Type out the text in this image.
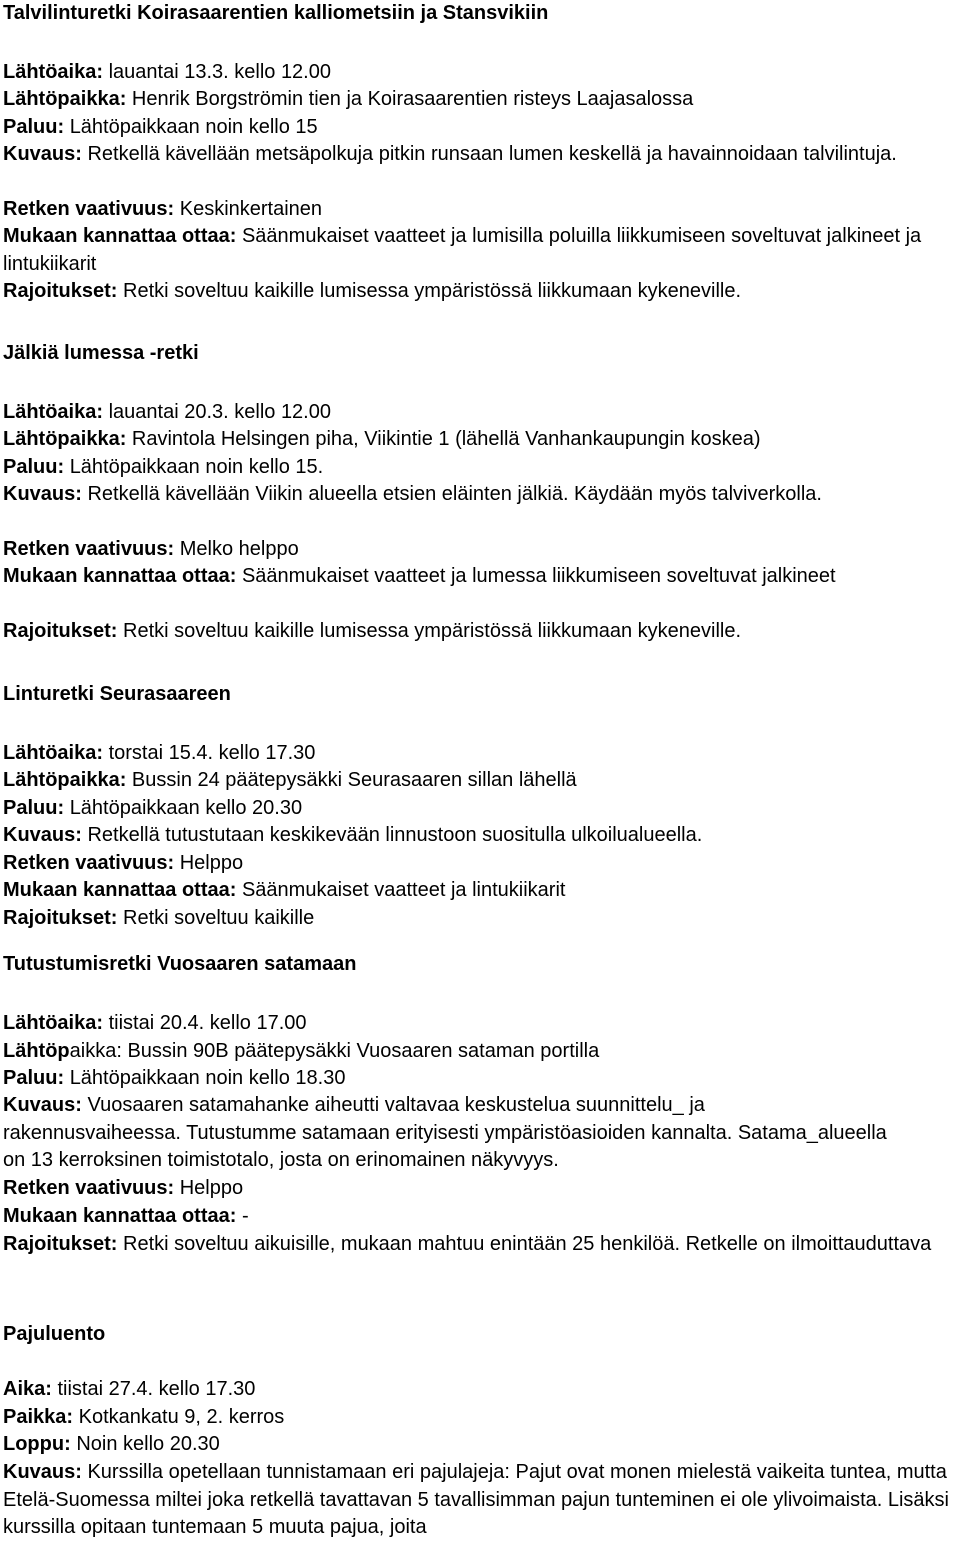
Talvilinturetki Koirasaarentien kalliometsiin ja Stansvikiin
Lähtöaika: lauantai 13.3. kello 12.00
Lähtöpaikka: Henrik Borgströmin tien ja Koirasaarentien risteys Laajasalossa
Paluu: Lähtöpaikkaan noin kello 15
Kuvaus: Retkellä kävellään metsäpolkuja pitkin runsaan lumen keskellä ja havainnoidaan talvilintuja.
Retken vaativuus: Keskinkertainen
Mukaan kannattaa ottaa: Säänmukaiset vaatteet ja lumisilla poluilla liikkumiseen soveltuvat jalkineet ja lintukiikarit
Rajoitukset: Retki soveltuu kaikille lumisessa ympäristössä liikkumaan kykeneville.
Jälkiä lumessa -retki
Lähtöaika: lauantai 20.3. kello 12.00
Lähtöpaikka: Ravintola Helsingen piha, Viikintie 1 (lähellä Vanhankaupungin koskea)
Paluu: Lähtöpaikkaan noin kello 15.
Kuvaus: Retkellä kävellään Viikin alueella etsien eläinten jälkiä. Käydään myös talviverkolla.
Retken vaativuus: Melko helppo
Mukaan kannattaa ottaa: Säänmukaiset vaatteet ja lumessa liikkumiseen soveltuvat jalkineet
Rajoitukset: Retki soveltuu kaikille lumisessa ympäristössä liikkumaan kykeneville.
Linturetki Seurasaareen
Lähtöaika: torstai 15.4. kello 17.30
Lähtöpaikka: Bussin 24 päätepysäkki Seurasaaren sillan lähellä
Paluu: Lähtöpaikkaan kello 20.30
Kuvaus: Retkellä tutustutaan keskikevään linnustoon suositulla ulkoilualueella.
Retken vaativuus: Helppo
Mukaan kannattaa ottaa: Säänmukaiset vaatteet ja lintukiikarit
Rajoitukset: Retki soveltuu kaikille
Tutustumisretki Vuosaaren satamaan
Lähtöaika: tiistai 20.4. kello 17.00
Lähtöpaikka: Bussin 90B päätepysäkki Vuosaaren sataman portilla
Paluu: Lähtöpaikkaan noin kello 18.30
Kuvaus: Vuosaaren satamahanke aiheutti valtavaa keskustelua suunnittelu_ ja rakennusvaiheessa. Tutustumme satamaan erityisesti ympäristöasioiden kannalta. Satama_alueella on 13 kerroksinen toimistotalo, josta on erinomainen näkyvyys.
Retken vaativuus: Helppo
Mukaan kannattaa ottaa: -
Rajoitukset: Retki soveltuu aikuisille, mukaan mahtuu enintään 25 henkilöä. Retkelle on ilmoittauduttava
Pajuluento
Aika: tiistai 27.4. kello 17.30
Paikka: Kotkankatu 9, 2. kerros
Loppu: Noin kello 20.30
Kuvaus: Kurssilla opetellaan tunnistamaan eri pajulajeja: Pajut ovat monen mielestä vaikeita tuntea, mutta Etelä-Suomessa miltei joka retkellä tavattavan 5 tavallisimman pajun tunteminen ei ole ylivoimaista. Lisäksi kurssilla opitaan tuntemaan 5 muuta pajua, joita
